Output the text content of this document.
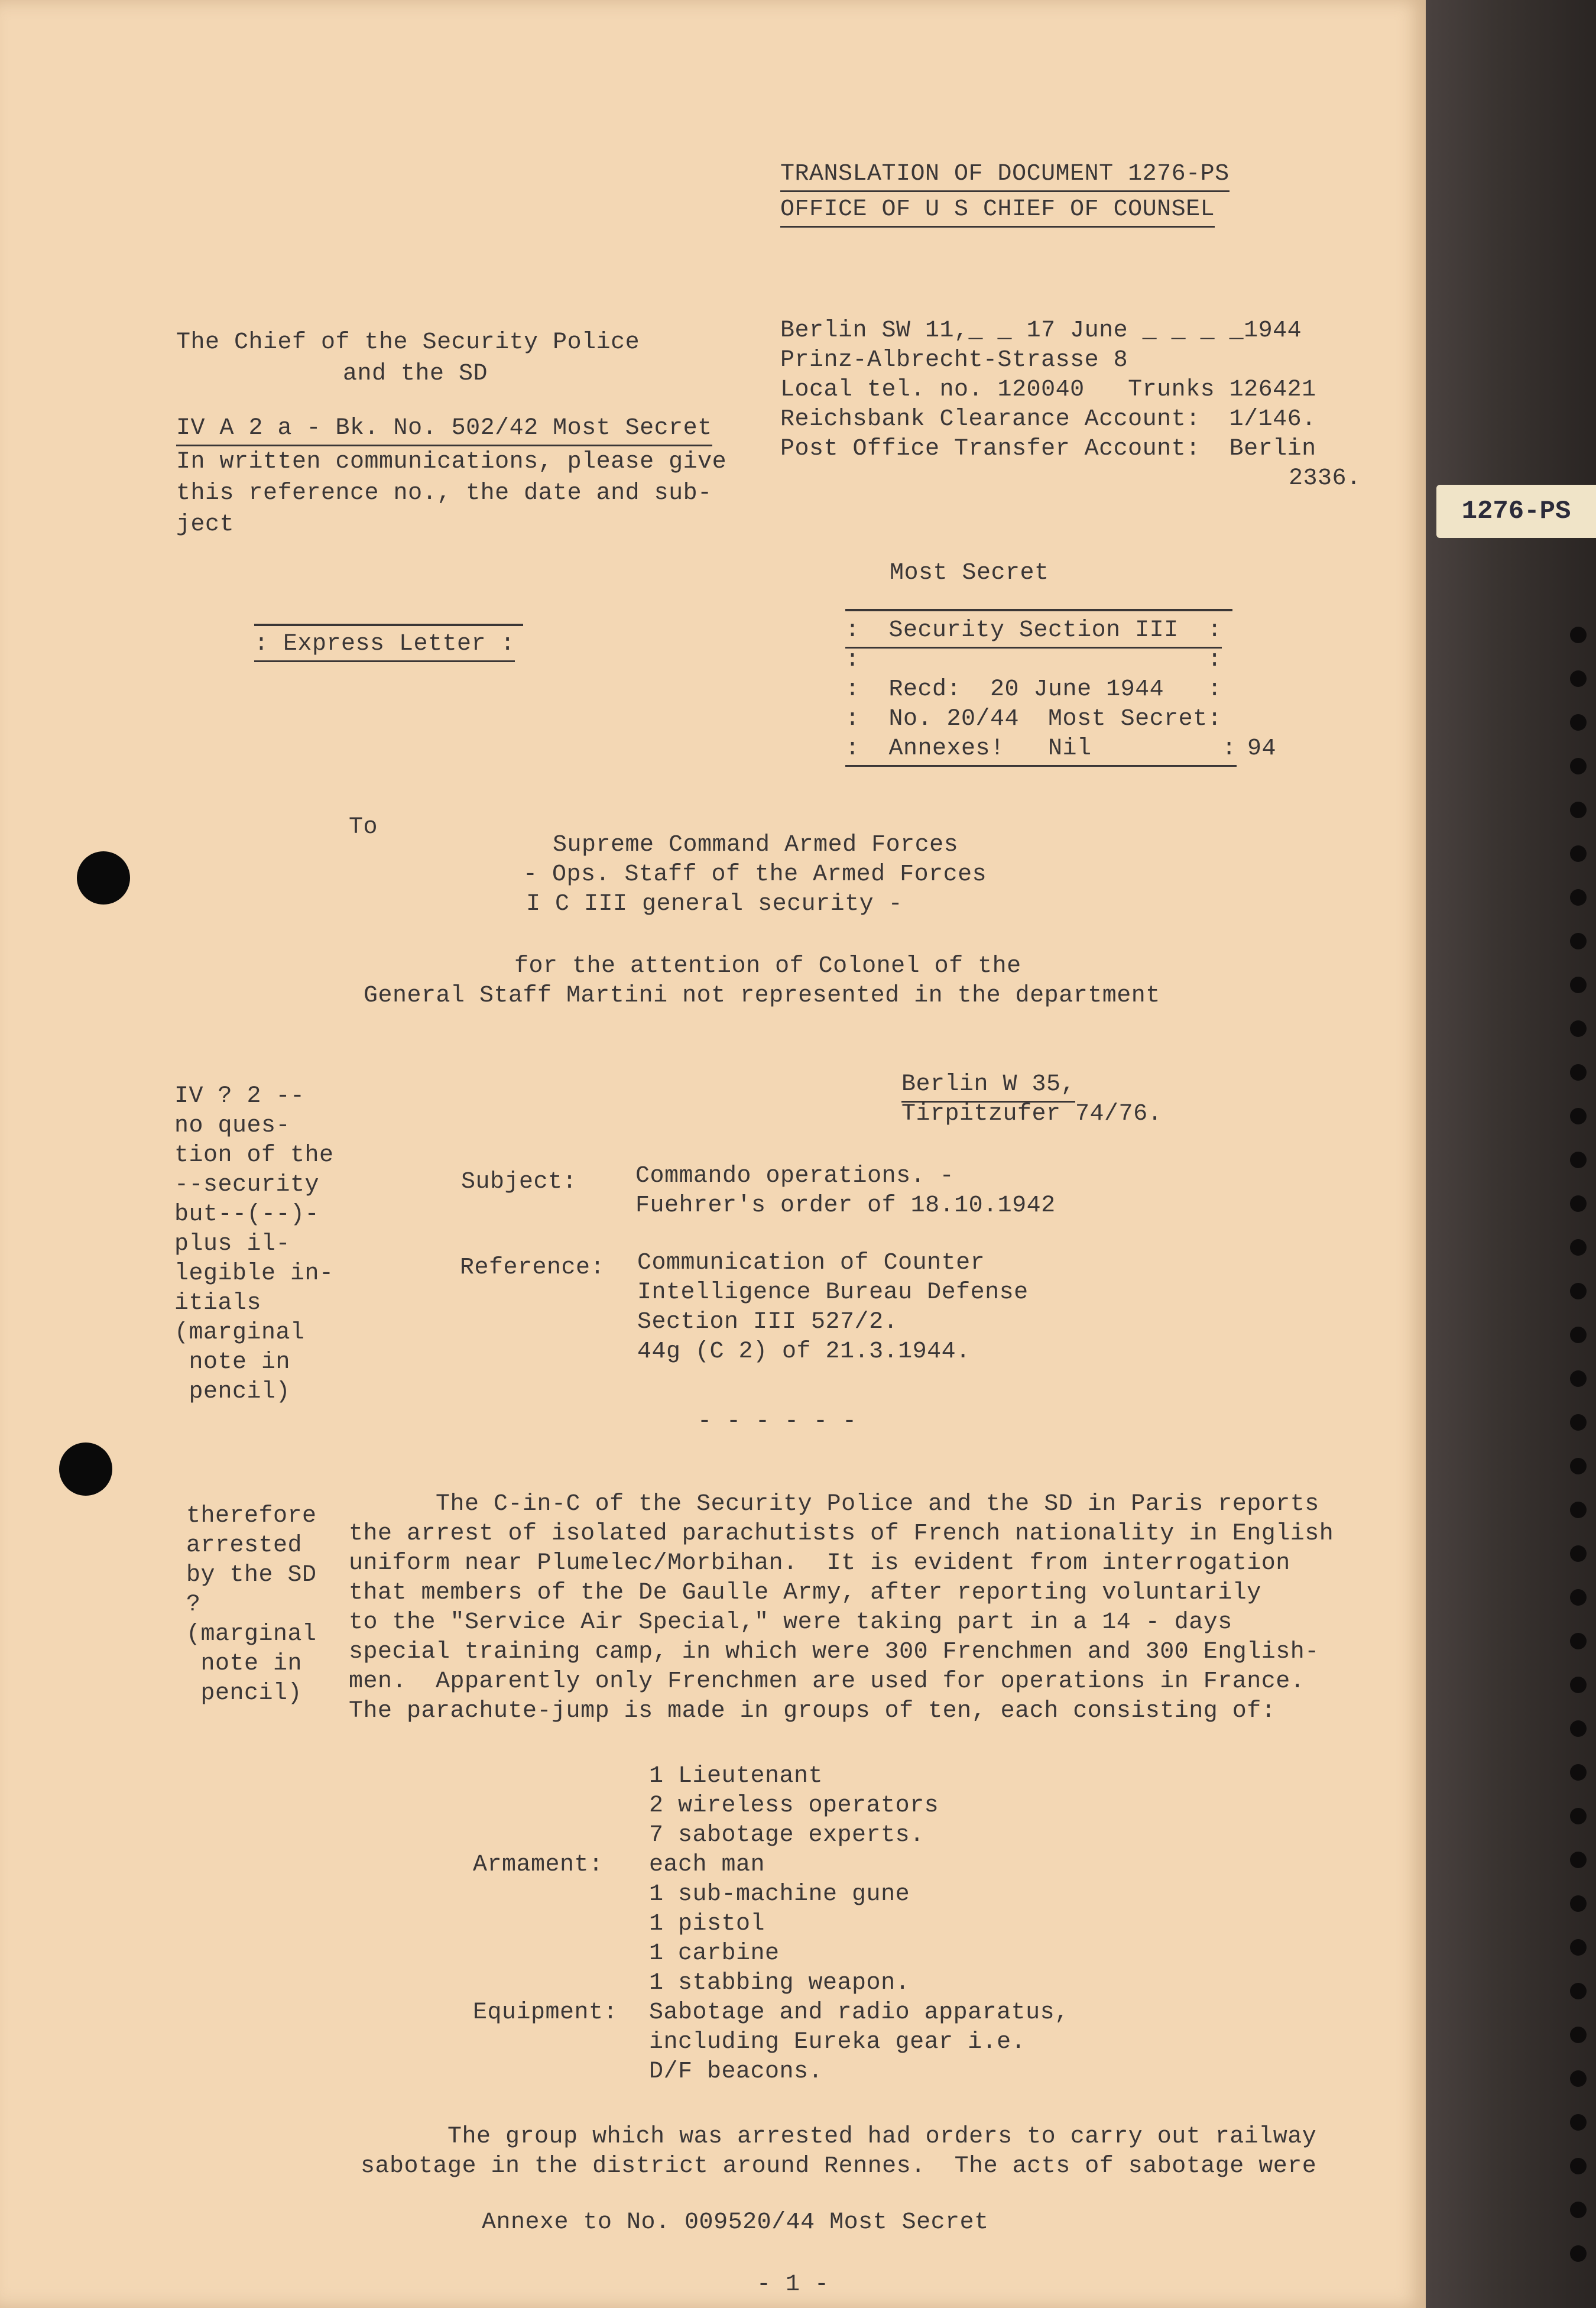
1276-PS
TRANSLATION OF DOCUMENT 1276-PS
OFFICE OF U S CHIEF OF COUNSEL
The Chief of the Security Police
and the SD
IV A 2 a - Bk. No. 502/42 Most Secret
In written communications, please give
this reference no., the date and sub-
ject
Berlin SW 11,_ _ 17 June _ _ _ _1944
Prinz-Albrecht-Strasse 8
Local tel. no. 120040   Trunks 126421
Reichsbank Clearance Account:  1/146.
Post Office Transfer Account:  Berlin
2336.
Most Secret
: Express Letter :
:  Security Section III  :
:                        :
:  Recd:  20 June 1944   :
:  No. 20/44  Most Secret:
:  Annexes!   Nil         : 94
To
Supreme Command Armed Forces
- Ops. Staff of the Armed Forces
I C III general security -
for the attention of Colonel of the
General Staff Martini not represented in the department
Berlin W 35,
Tirpitzufer 74/76.
IV ? 2 --
no ques-
tion of the
--security
but--(--)-
plus il-
legible in-
itials
(marginal
note in
pencil)
Subject: Commando operations. -
Fuehrer's order of 18.10.1942
Reference: Communication of Counter
Intelligence Bureau Defense
Section III 527/2.
44g (C 2) of 21.3.1944.
- - - - - -
therefore
arrested
by the SD
?
(marginal
note in
pencil)
The C-in-C of the Security Police and the SD in Paris reports
the arrest of isolated parachutists of French nationality in English
uniform near Plumelec/Morbihan.  It is evident from interrogation
that members of the De Gaulle Army, after reporting voluntarily
to the "Service Air Special," were taking part in a 14 - days
special training camp, in which were 300 Frenchmen and 300 English-
men.  Apparently only Frenchmen are used for operations in France.
The parachute-jump is made in groups of ten, each consisting of:
1 Lieutenant
2 wireless operators
7 sabotage experts.
Armament: each man
1 sub-machine gune
1 pistol
1 carbine
1 stabbing weapon.
Equipment: Sabotage and radio apparatus,
including Eureka gear i.e.
D/F beacons.
The group which was arrested had orders to carry out railway
sabotage in the district around Rennes.  The acts of sabotage were
Annexe to No. 009520/44 Most Secret
- 1 -
